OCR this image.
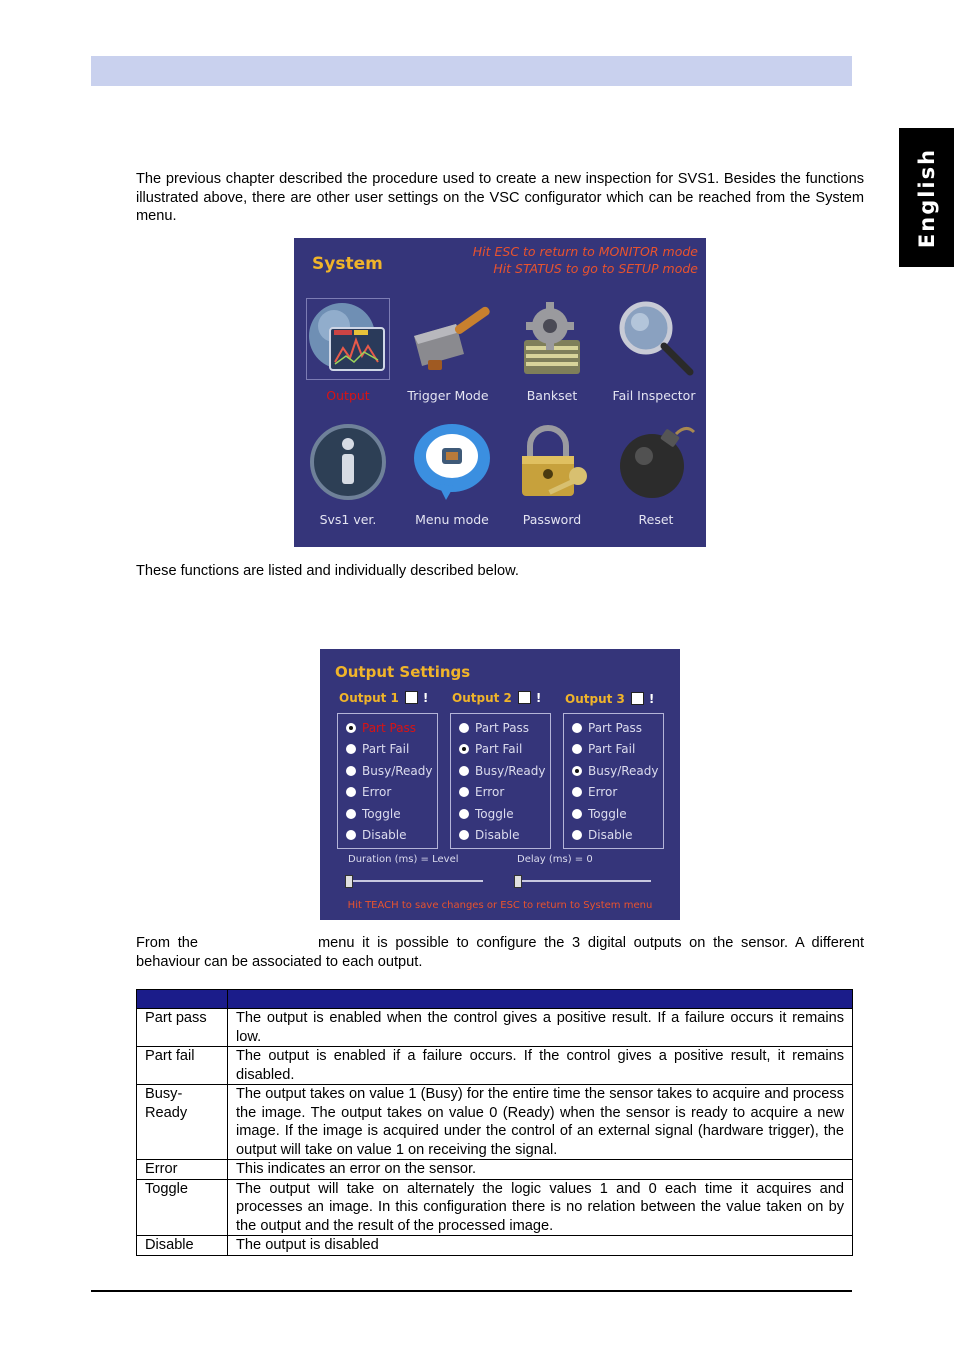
English
The previous chapter described the procedure used to create a new inspection for SVS1. Besides the functions illustrated above, there are other user settings on the VSC configurator which can be reached from the System menu.
System
Hit ESC to return to MONITOR mode
Hit STATUS to go to SETUP mode
Output	Trigger Mode	Bankset	Fail Inspector
Svs1 ver.	Menu mode	Password	Reset
These functions are listed and individually described below.
Output Settings
Output 1 ! Output 2 ! Output 3 !
Part Pass
Part Fail
Busy/Ready
Error
Toggle
Disable
Part Pass
Part Fail
Busy/Ready
Error
Toggle
Disable
Part Pass
Part Fail
Busy/Ready
Error
Toggle
Disable
Duration (ms) = Level	Delay (ms) = 0
Hit TEACH to save changes or ESC to return to System menu
From the	menu it is possible to configure the 3 digital outputs on the sensor. A different behaviour can be associated to each output.

Part pass	The output is enabled when the control gives a positive result. If a failure occurs it remains low.
Part fail	The output is enabled if a failure occurs. If the control gives a positive result, it remains disabled.
Busy-
Ready	The output takes on value 1 (Busy) for the entire time the sensor takes to acquire and process the image. The output takes on value 0 (Ready) when the sensor is ready to acquire a new image. If the image is acquired under the control of an external signal (hardware trigger), the output will take on value 1 on receiving the signal.
Error	This indicates an error on the sensor.
Toggle	The output will take on alternately the logic values 1 and 0 each time it acquires and processes an image. In this configuration there is no relation between the value taken on by the output and the result of the processed image.
Disable	The output is disabled
